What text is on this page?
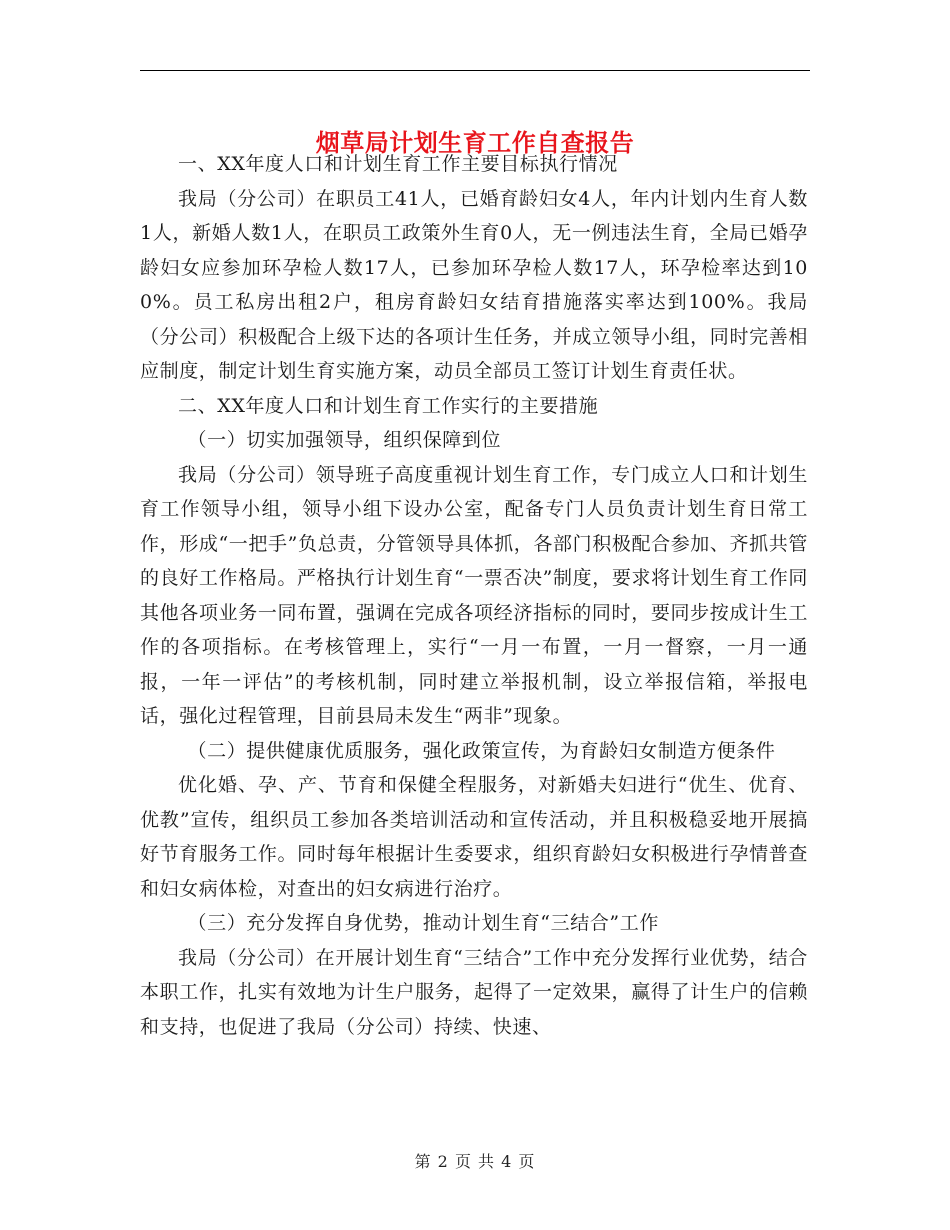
烟草局计划生育工作自查报告

一、XX年度人口和计划生育工作主要目标执行情况

我局（分公司）在职员工41人，已婚育龄妇女4人，年内计划内生育人数1人，新婚人数1人，在职员工政策外生育0人，无一例违法生育，全局已婚孕龄妇女应参加环孕检人数17人，已参加环孕检人数17人，环孕检率达到100%。员工私房出租2户，租房育龄妇女结育措施落实率达到100%。我局（分公司）积极配合上级下达的各项计生任务，并成立领导小组，同时完善相应制度，制定计划生育实施方案，动员全部员工签订计划生育责任状。

二、XX年度人口和计划生育工作实行的主要措施

（一）切实加强领导，组织保障到位

我局（分公司）领导班子高度重视计划生育工作，专门成立人口和计划生育工作领导小组，领导小组下设办公室，配备专门人员负责计划生育日常工作，形成“一把手”负总责，分管领导具体抓，各部门积极配合参加、齐抓共管的良好工作格局。严格执行计划生育“一票否决”制度，要求将计划生育工作同其他各项业务一同布置，强调在完成各项经济指标的同时，要同步按成计生工作的各项指标。在考核管理上，实行“一月一布置，一月一督察，一月一通报，一年一评估”的考核机制，同时建立举报机制，设立举报信箱，举报电话，强化过程管理，目前县局未发生“两非”现象。

（二）提供健康优质服务，强化政策宣传，为育龄妇女制造方便条件

优化婚、孕、产、节育和保健全程服务，对新婚夫妇进行“优生、优育、优教”宣传，组织员工参加各类培训活动和宣传活动，并且积极稳妥地开展搞好节育服务工作。同时每年根据计生委要求，组织育龄妇女积极进行孕情普查和妇女病体检，对查出的妇女病进行治疗。

（三）充分发挥自身优势，推动计划生育“三结合”工作

我局（分公司）在开展计划生育“三结合”工作中充分发挥行业优势，结合本职工作，扎实有效地为计生户服务，起得了一定效果，赢得了计生户的信赖和支持，也促进了我局（分公司）持续、快速、

第 2 页 共 4 页
